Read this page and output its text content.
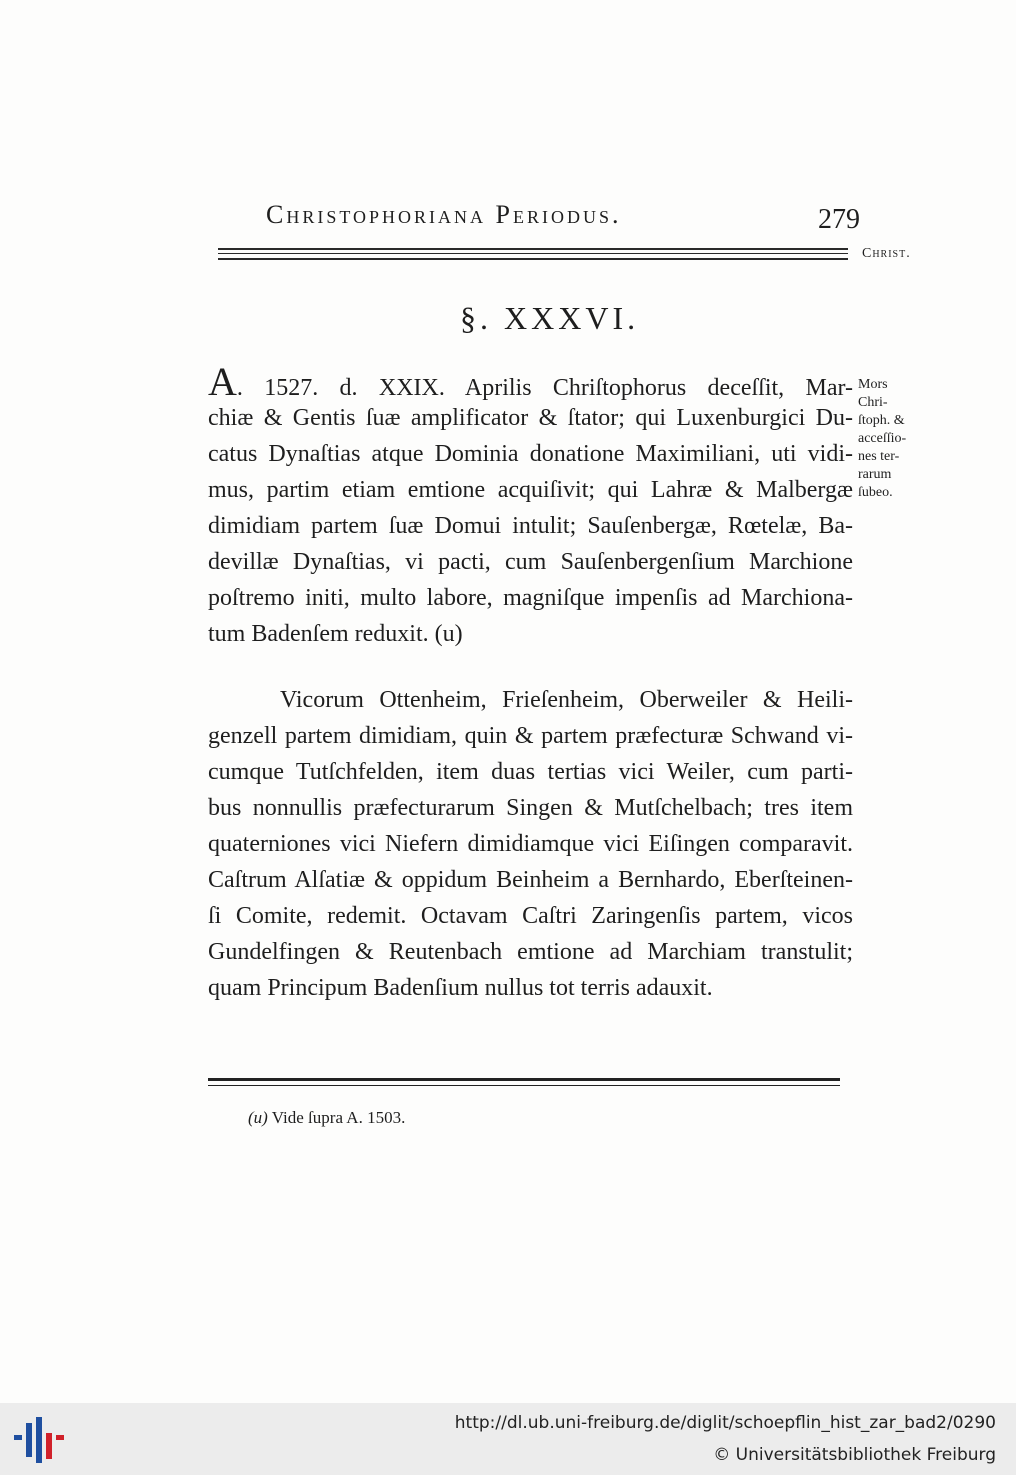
Christophoriana Periodus.	279
Christ.
§. XXXVI.
A. 1527. d. XXIX. Aprilis Chriſtophorus deceſſit, Mar-
chiæ & Gentis ſuæ amplificator & ſtator; qui Luxenburgici Du-
catus Dynaſtias atque Dominia donatione Maximiliani, uti vidi-
mus, partim etiam emtione acquiſivit; qui Lahræ & Malbergæ
dimidiam partem ſuæ Domui intulit; Sauſenbergæ, Rœtelæ, Ba-
devillæ Dynaſtias, vi pacti, cum Sauſenbergenſium Marchione
poſtremo initi, multo labore, magniſque impenſis ad Marchiona-
tum Badenſem reduxit. (u)
Mors
Chri-
ſtoph. &
acceſſio-
nes ter-
rarum
ſubeo.
Vicorum Ottenheim, Frieſenheim, Oberweiler & Heili-
genzell partem dimidiam, quin & partem præfecturæ Schwand vi-
cumque Tutſchfelden, item duas tertias vici Weiler, cum parti-
bus nonnullis præfecturarum Singen & Mutſchelbach; tres item
quaterniones vici Niefern dimidiamque vici Eiſingen comparavit.
Caſtrum Alſatiæ & oppidum Beinheim a Bernhardo, Eberſteinen-
ſi Comite, redemit. Octavam Caſtri Zaringenſis partem, vicos
Gundelfingen & Reutenbach emtione ad Marchiam transtulit;
quam Principum Badenſium nullus tot terris adauxit.
(u) Vide ſupra A. 1503.
http://dl.ub.uni-freiburg.de/diglit/schoepflin_hist_zar_bad2/0290
© Universitätsbibliothek Freiburg
